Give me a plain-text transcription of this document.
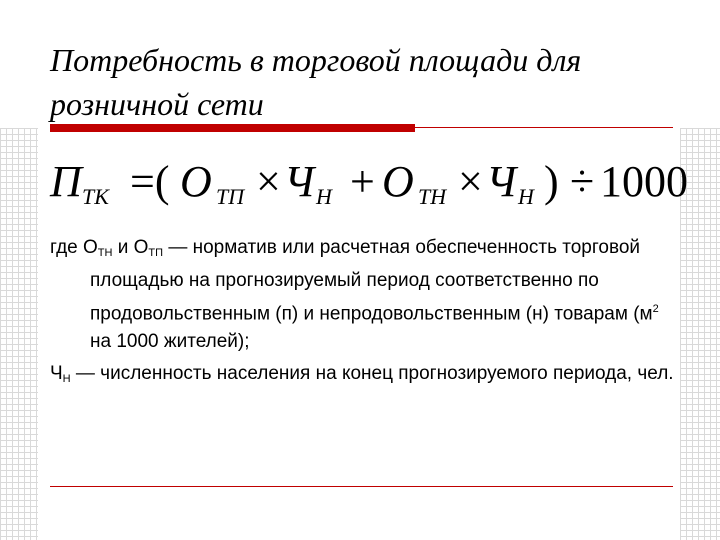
Потребность в торговой площади для розничной сети
П ТК =( О ТП × Ч Н + О ТН × Ч Н ) ÷ 1000

где $О_{ТН}$ и $О_{ТП}$ — норматив или расчетная обеспеченность торговой площадью на прогнозируемый период соответственно по продовольственным (п) и непродовольственным (н) товарам ($м^2$ на 1000 жителей);

$Ч_Н$ — численность населения на конец прогнозируемого периода, чел.
